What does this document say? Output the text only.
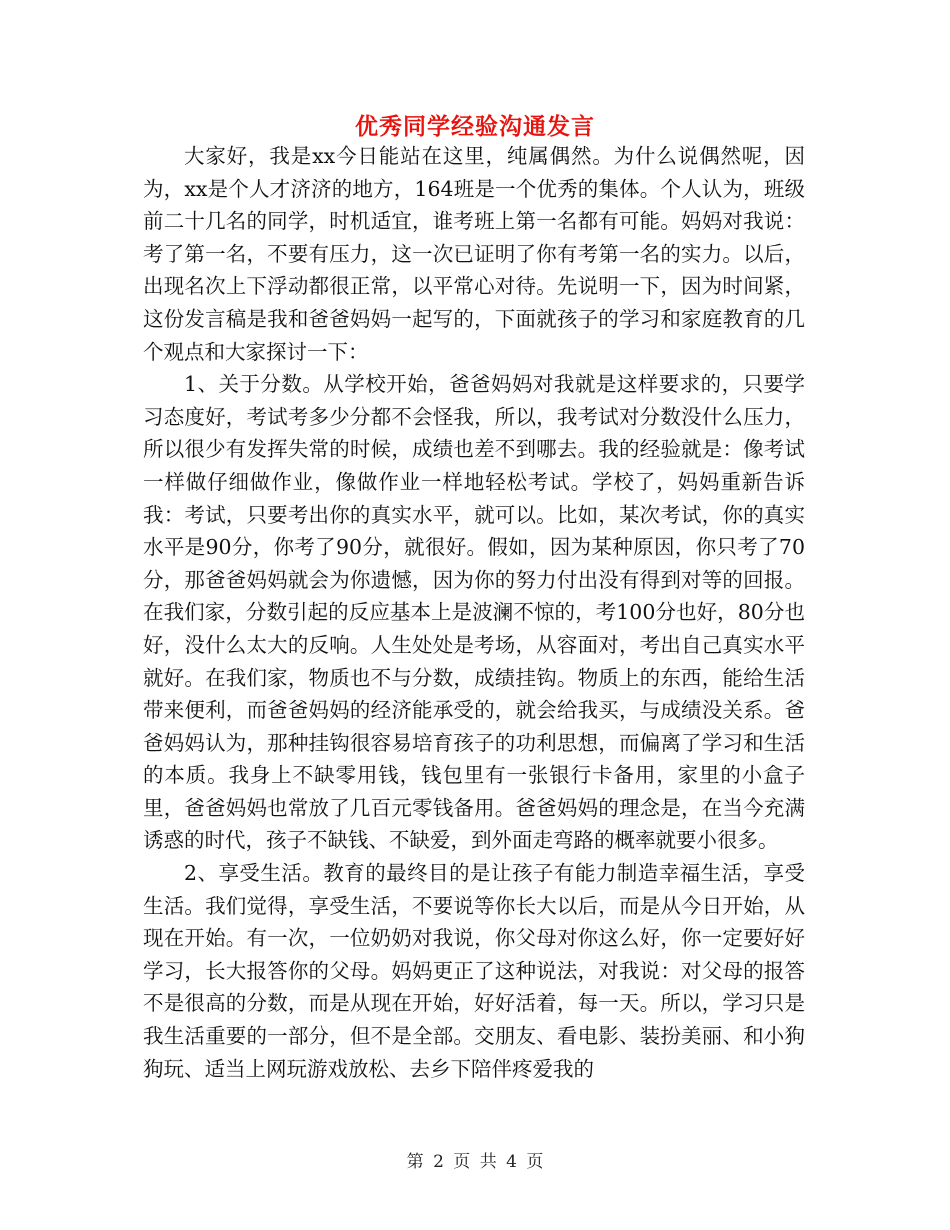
优秀同学经验沟通发言

大家好，我是xx今日能站在这里，纯属偶然。为什么说偶然呢，因为，xx是个人才济济的地方，164班是一个优秀的集体。个人认为，班级前二十几名的同学，时机适宜，谁考班上第一名都有可能。妈妈对我说：考了第一名，不要有压力，这一次已证明了你有考第一名的实力。以后，出现名次上下浮动都很正常，以平常心对待。先说明一下，因为时间紧，这份发言稿是我和爸爸妈妈一起写的，下面就孩子的学习和家庭教育的几个观点和大家探讨一下：

1、关于分数。从学校开始，爸爸妈妈对我就是这样要求的，只要学习态度好，考试考多少分都不会怪我，所以，我考试对分数没什么压力，所以很少有发挥失常的时候，成绩也差不到哪去。我的经验就是：像考试一样做仔细做作业，像做作业一样地轻松考试。学校了，妈妈重新告诉我：考试，只要考出你的真实水平，就可以。比如，某次考试，你的真实水平是90分，你考了90分，就很好。假如，因为某种原因，你只考了70分，那爸爸妈妈就会为你遗憾，因为你的努力付出没有得到对等的回报。在我们家，分数引起的反应基本上是波澜不惊的，考100分也好，80分也好，没什么太大的反响。人生处处是考场，从容面对，考出自己真实水平就好。在我们家，物质也不与分数，成绩挂钩。物质上的东西，能给生活带来便利，而爸爸妈妈的经济能承受的，就会给我买，与成绩没关系。爸爸妈妈认为，那种挂钩很容易培育孩子的功利思想，而偏离了学习和生活的本质。我身上不缺零用钱，钱包里有一张银行卡备用，家里的小盒子里，爸爸妈妈也常放了几百元零钱备用。爸爸妈妈的理念是，在当今充满诱惑的时代，孩子不缺钱、不缺爱，到外面走弯路的概率就要小很多。

2、享受生活。教育的最终目的是让孩子有能力制造幸福生活，享受生活。我们觉得，享受生活，不要说等你长大以后，而是从今日开始，从现在开始。有一次，一位奶奶对我说，你父母对你这么好，你一定要好好学习，长大报答你的父母。妈妈更正了这种说法，对我说：对父母的报答不是很高的分数，而是从现在开始，好好活着，每一天。所以，学习只是我生活重要的一部分，但不是全部。交朋友、看电影、装扮美丽、和小狗狗玩、适当上网玩游戏放松、去乡下陪伴疼爱我的

第 2 页 共 4 页
